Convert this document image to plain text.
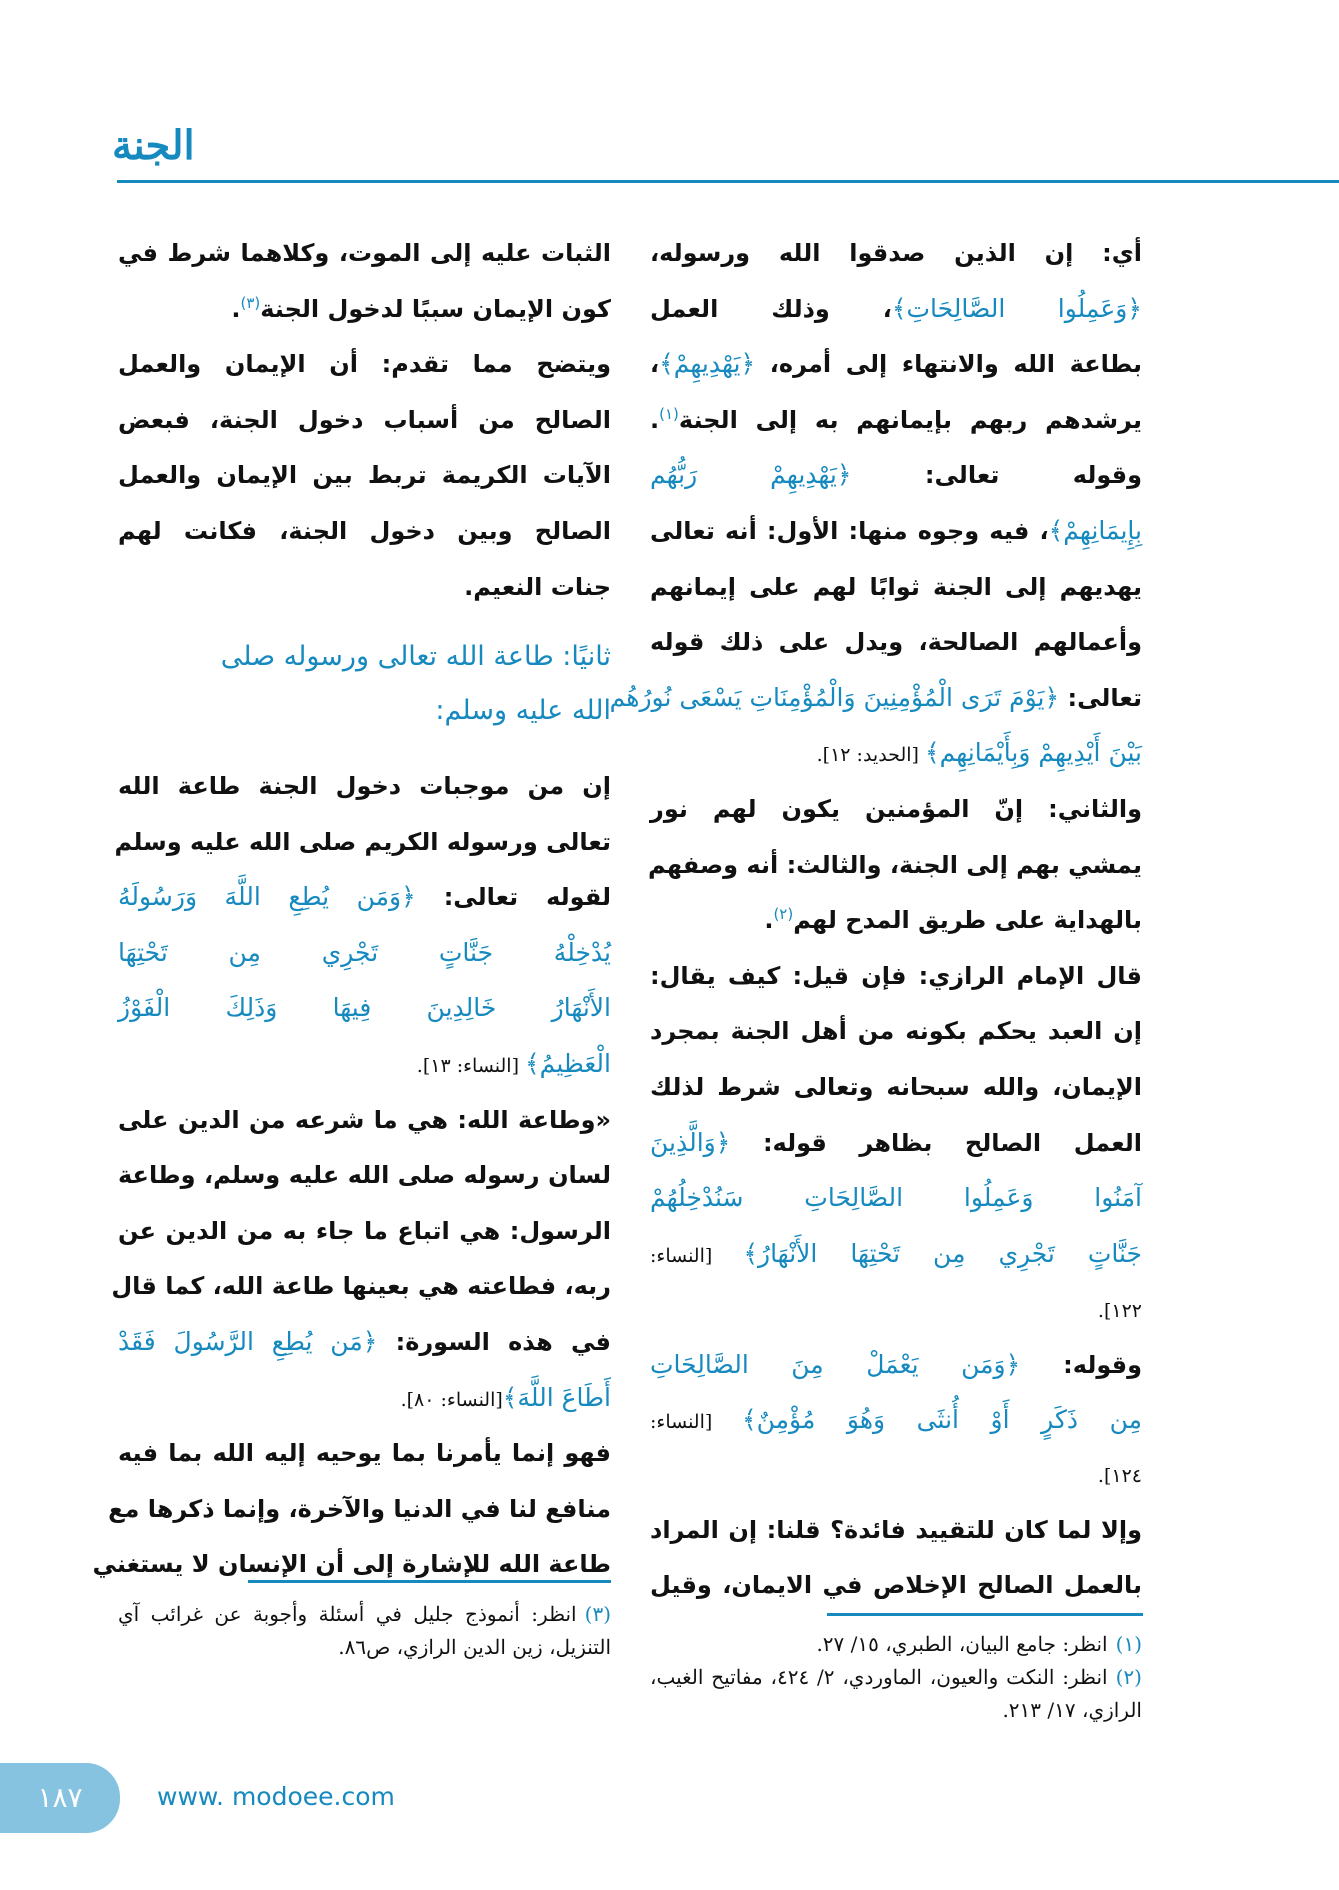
الجنة
أي: إن الذين صدقوا الله ورسوله،
﴿وَعَمِلُوا الصَّالِحَاتِ﴾، وذلك العمل
بطاعة الله والانتهاء إلى أمره، ﴿يَهْدِيهِمْ﴾،
يرشدهم ربهم بإيمانهم به إلى الجنة$^{(١)}$.
وقوله تعالى: ﴿يَهْدِيهِمْ رَبُّهُم
بِإِيمَانِهِمْ﴾، فيه وجوه منها: الأول: أنه تعالى
يهديهم إلى الجنة ثوابًا لهم على إيمانهم
وأعمالهم الصالحة، ويدل على ذلك قوله
تعالى: ﴿يَوْمَ تَرَى الْمُؤْمِنِينَ وَالْمُؤْمِنَاتِ يَسْعَى نُورُهُم
بَيْنَ أَيْدِيهِمْ وَبِأَيْمَانِهِم﴾ [الحديد: ١٢].
والثاني: إنّ المؤمنين يكون لهم نور
يمشي بهم إلى الجنة، والثالث: أنه وصفهم
بالهداية على طريق المدح لهم$^{(٢)}$.
قال الإمام الرازي: فإن قيل: كيف يقال:
إن العبد يحكم بكونه من أهل الجنة بمجرد
الإيمان، والله سبحانه وتعالى شرط لذلك
العمل الصالح بظاهر قوله: ﴿وَالَّذِينَ
آمَنُوا وَعَمِلُوا الصَّالِحَاتِ سَنُدْخِلُهُمْ
جَنَّاتٍ تَجْرِي مِن تَحْتِهَا الأَنْهَارُ﴾ [النساء:
١٢٢].
وقوله: ﴿وَمَن يَعْمَلْ مِنَ الصَّالِحَاتِ
مِن ذَكَرٍ أَوْ أُنثَى وَهُوَ مُؤْمِنٌ﴾ [النساء:
١٢٤].
وإلا لما كان للتقييد فائدة؟ قلنا: إن المراد
بالعمل الصالح الإخلاص في الايمان، وقيل
الثبات عليه إلى الموت، وكلاهما شرط في
كون الإيمان سببًا لدخول الجنة$^{(٣)}$.
ويتضح مما تقدم: أن الإيمان والعمل
الصالح من أسباب دخول الجنة، فبعض
الآيات الكريمة تربط بين الإيمان والعمل
الصالح وبين دخول الجنة، فكانت لهم
جنات النعيم.
ثانيًا: طاعة الله تعالى ورسوله صلى
الله عليه وسلم:
إن من موجبات دخول الجنة طاعة الله
تعالى ورسوله الكريم صلى الله عليه وسلم
لقوله تعالى: ﴿وَمَن يُطِعِ اللَّهَ وَرَسُولَهُ
يُدْخِلْهُ جَنَّاتٍ تَجْرِي مِن تَحْتِهَا
الأَنْهَارُ خَالِدِينَ فِيهَا وَذَلِكَ الْفَوْزُ
الْعَظِيمُ﴾ [النساء: ١٣].
«وطاعة الله: هي ما شرعه من الدين على
لسان رسوله صلى الله عليه وسلم، وطاعة
الرسول: هي اتباع ما جاء به من الدين عن
ربه، فطاعته هي بعينها طاعة الله، كما قال
في هذه السورة: ﴿مَن يُطِعِ الرَّسُولَ فَقَدْ
أَطَاعَ اللَّهَ﴾[النساء: ٨٠].
فهو إنما يأمرنا بما يوحيه إليه الله بما فيه
منافع لنا في الدنيا والآخرة، وإنما ذكرها مع
طاعة الله للإشارة إلى أن الإنسان لا يستغني
(١)انظر: جامع البيان، الطبري، ١٥/ ٢٧.
(٢)انظر: النكت والعيون، الماوردي، ٢/ ٤٢٤، مفاتيح الغيب، الرازي، ١٧/ ٢١٣.
(٣)انظر: أنموذج جليل في أسئلة وأجوبة عن غرائب آي التنزيل، زين الدين الرازي، ص٨٦.
١٨٧	www. modoee.com
